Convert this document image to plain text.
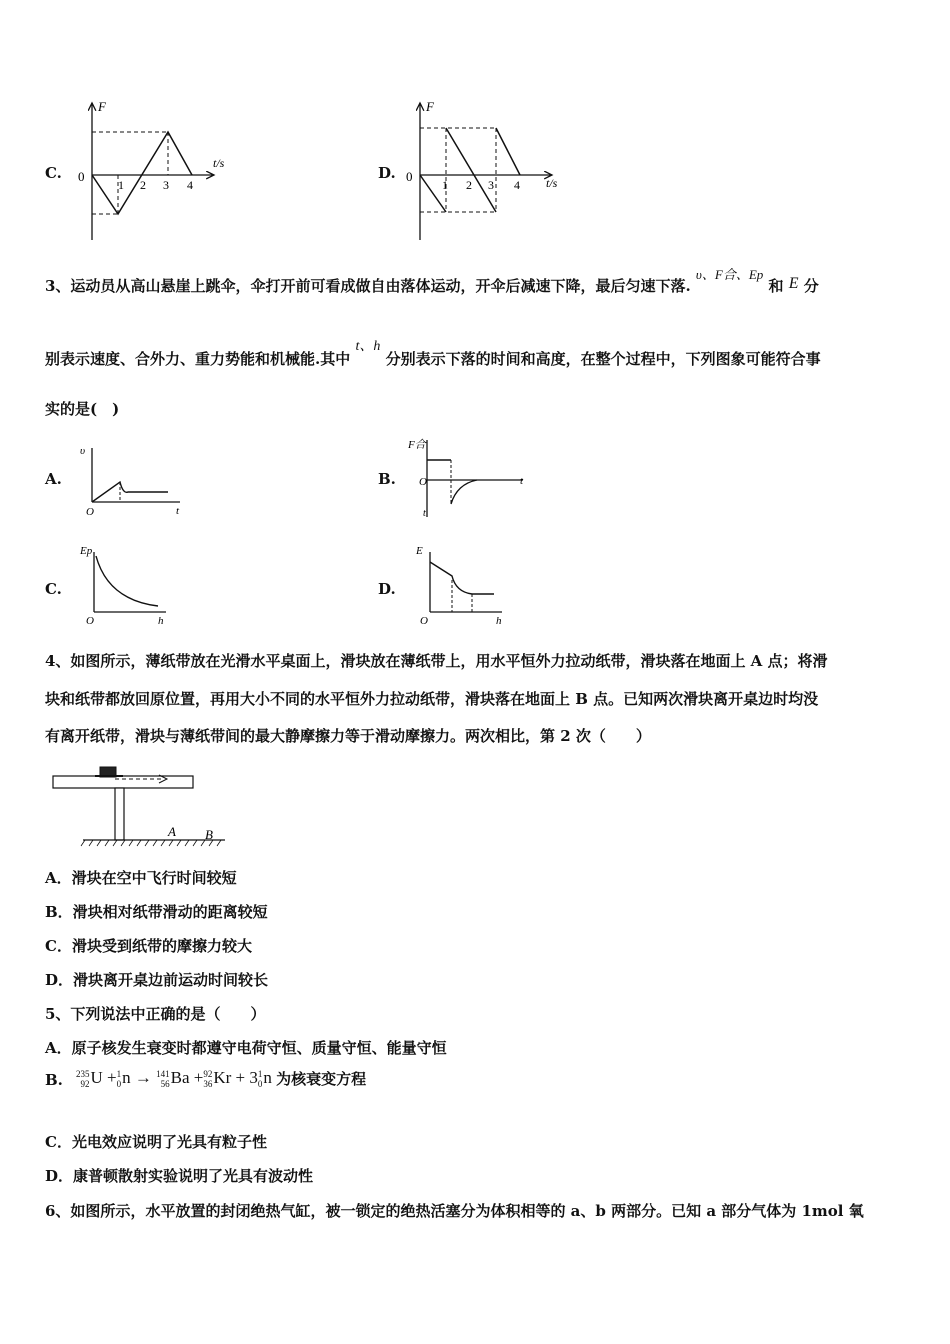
C.
F
t/s
0
1 2 3 4
D.
F
t/s
0
1 2 3 4
3、运动员从高山悬崖上跳伞，伞打开前可看成做自由落体运动，开伞后减速下降，最后匀速下落. υ、F合、Ep 和 E 分
别表示速度、合外力、重力势能和机械能.其中 t、h 分别表示下落的时间和高度，在整个过程中，下列图象可能符合事
实的是(　)
A.
υ
O	t
B.
F合
O	t
t
C.
Ep
O	h
D.
E
O	h
4、如图所示，薄纸带放在光滑水平桌面上，滑块放在薄纸带上，用水平恒外力拉动纸带，滑块落在地面上 A 点；将滑
块和纸带都放回原位置，再用大小不同的水平恒外力拉动纸带，滑块落在地面上 B 点。已知两次滑块离开桌边时均没
有离开纸带，滑块与薄纸带间的最大静摩擦力等于滑动摩擦力。两次相比，第 2 次（　　）
A B
A．滑块在空中飞行时间较短
B．滑块相对纸带滑动的距离较短
C．滑块受到纸带的摩擦力较大
D．滑块离开桌边前运动时间较长
5、下列说法中正确的是（　　）
A．原子核发生衰变时都遵守电荷守恒、质量守恒、能量守恒
B. 235
92U +1
0n → 141
56Ba +92
36Kr + 31
0n 为核衰变方程
C．光电效应说明了光具有粒子性
D．康普顿散射实验说明了光具有波动性
6、如图所示，水平放置的封闭绝热气缸，被一锁定的绝热活塞分为体积相等的 a、b 两部分。已知 a 部分气体为 1mol 氧
